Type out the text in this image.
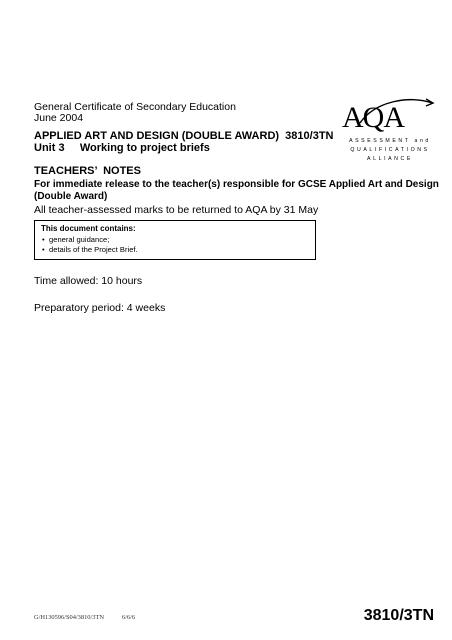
General Certificate of Secondary Education
June 2004
APPLIED ART AND DESIGN (DOUBLE AWARD)  3810/3TN
Unit 3     Working to project briefs
AQA
ASSESSMENT and
QUALIFICATIONS
ALLIANCE
TEACHERS’  NOTES
For immediate release to the teacher(s) responsible for GCSE Applied Art and Design
(Double Award)
All teacher-assessed marks to be returned to AQA by 31 May
This document contains:
• general guidance;
• details of the Project Brief.
Time allowed: 10 hours
Preparatory period: 4 weeks
G/H130596/S04/3810/3TN	6/6/6	3810/3TN
